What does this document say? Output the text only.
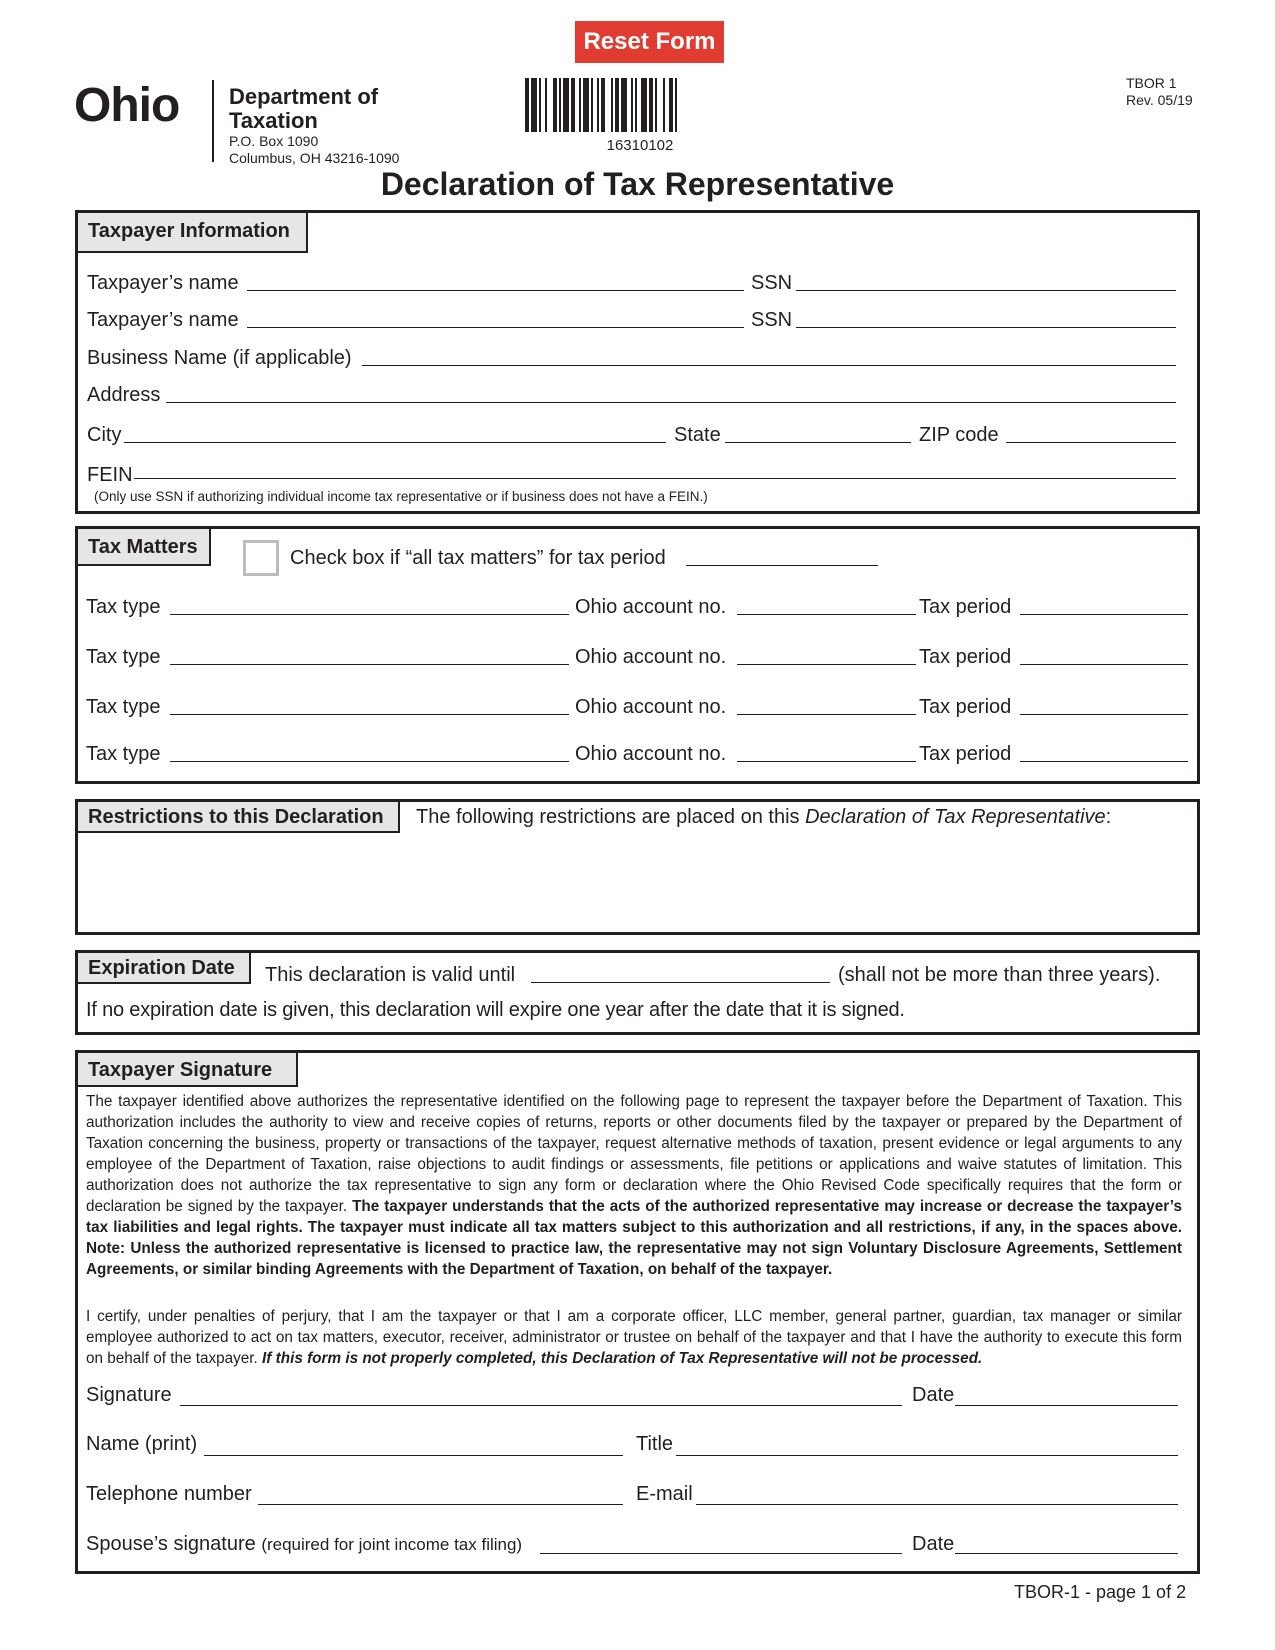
Reset Form
Ohio Department of
Taxation
P.O. Box 1090
Columbus, OH 43216-1090
16310102
TBOR 1
Rev. 05/19
Declaration of Tax Representative
Taxpayer Information
Taxpayer’s name	SSN
Taxpayer’s name	SSN
Business Name (if applicable)
Address
City	State	ZIP code
FEIN
(Only use SSN if authorizing individual income tax representative or if business does not have a FEIN.)
Tax Matters	Check box if “all tax matters” for tax period
Tax type	Ohio account no.	Tax period
Tax type	Ohio account no.	Tax period
Tax type	Ohio account no.	Tax period
Tax type	Ohio account no.	Tax period
Restrictions to this Declaration	The following restrictions are placed on this Declaration of Tax Representative:
Expiration Date	This declaration is valid until	(shall not be more than three years).
If no expiration date is given, this declaration will expire one year after the date that it is signed.
Taxpayer Signature
The taxpayer identified above authorizes the representative identified on the following page to represent the taxpayer before the Department of Taxation. This authorization includes the authority to view and receive copies of returns, reports or other documents filed by the taxpayer or prepared by the Department of Taxation concerning the business, property or transactions of the taxpayer, request alternative methods of taxation, present evidence or legal arguments to any employee of the Department of Taxation, raise objections to audit findings or assessments, file petitions or applications and waive statutes of limitation. This authorization does not authorize the tax representative to sign any form or declaration where the Ohio Revised Code specifically requires that the form or declaration be signed by the taxpayer. The taxpayer understands that the acts of the authorized representative may increase or decrease the taxpayer’s tax liabilities and legal rights. The taxpayer must indicate all tax matters subject to this authorization and all restrictions, if any, in the spaces above. Note: Unless the authorized representative is licensed to practice law, the representative may not sign Voluntary Disclosure Agreements, Settlement Agreements, or similar binding Agreements with the Department of Taxation, on behalf of the taxpayer.
I certify, under penalties of perjury, that I am the taxpayer or that I am a corporate officer, LLC member, general partner, guardian, tax manager or similar employee authorized to act on tax matters, executor, receiver, administrator or trustee on behalf of the taxpayer and that I have the authority to execute this form on behalf of the taxpayer. If this form is not properly completed, this Declaration of Tax Representative will not be processed.
Signature	Date
Name (print)	Title
Telephone number	E-mail
Spouse’s signature (required for joint income tax filing)	Date
TBOR-1 - page 1 of 2
